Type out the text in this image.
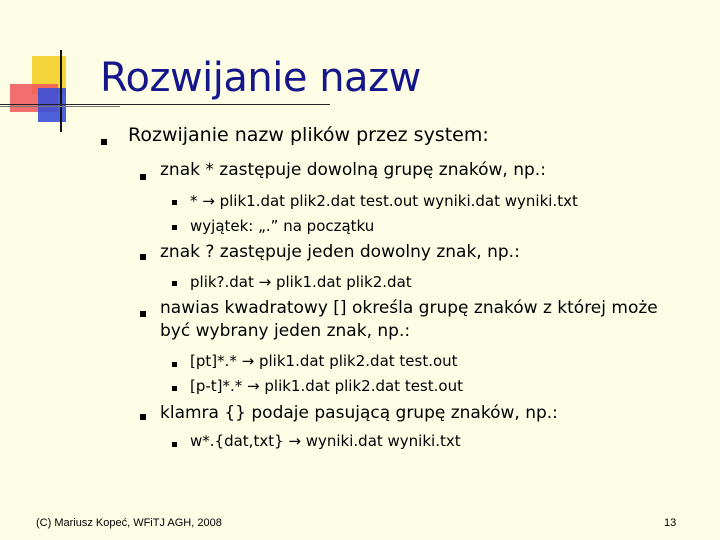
Rozwijanie nazw
Rozwijanie nazw plików przez system:
znak * zastępuje dowolną grupę znaków, np.:
* → plik1.dat plik2.dat test.out wyniki.dat wyniki.txt
wyjątek: „.” na początku
znak ? zastępuje jeden dowolny znak, np.:
plik?.dat → plik1.dat plik2.dat
nawias kwadratowy [] określa grupę znaków z której może
być wybrany jeden znak, np.:
[pt]*.* → plik1.dat plik2.dat test.out
[p-t]*.* → plik1.dat plik2.dat test.out
klamra {} podaje pasującą grupę znaków, np.:
w*.{dat,txt} → wyniki.dat wyniki.txt
(C) Mariusz Kopeć, WFiTJ AGH, 2008	13
